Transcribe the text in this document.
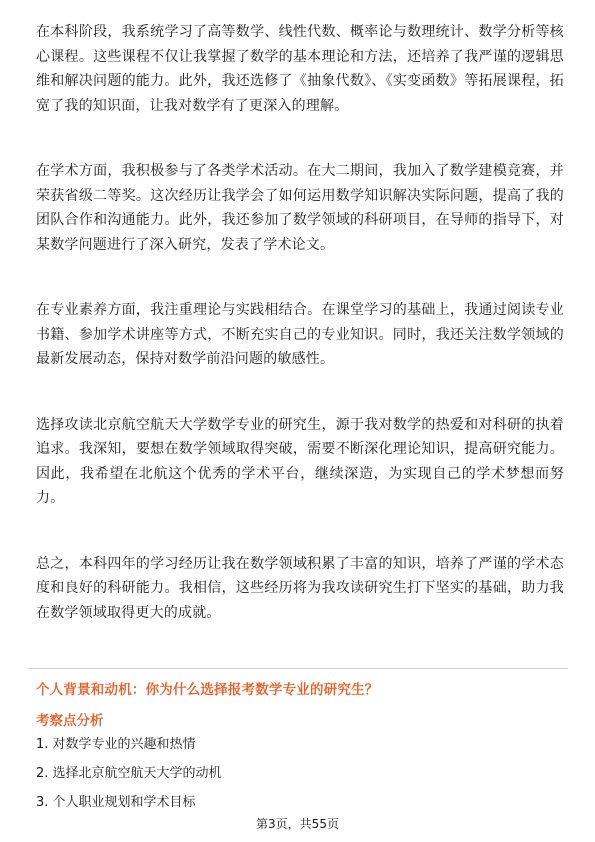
在本科阶段，我系统学习了高等数学、线性代数、概率论与数理统计、数学分析等核心课程。这些课程不仅让我掌握了数学的基本理论和方法，还培养了我严谨的逻辑思维和解决问题的能力。此外，我还选修了《抽象代数》、《实变函数》等拓展课程，拓宽了我的知识面，让我对数学有了更深入的理解。

在学术方面，我积极参与了各类学术活动。在大二期间，我加入了数学建模竞赛，并荣获省级二等奖。这次经历让我学会了如何运用数学知识解决实际问题，提高了我的团队合作和沟通能力。此外，我还参加了数学领域的科研项目，在导师的指导下，对某数学问题进行了深入研究，发表了学术论文。

在专业素养方面，我注重理论与实践相结合。在课堂学习的基础上，我通过阅读专业书籍、参加学术讲座等方式，不断充实自己的专业知识。同时，我还关注数学领域的最新发展动态，保持对数学前沿问题的敏感性。

选择攻读北京航空航天大学数学专业的研究生，源于我对数学的热爱和对科研的执着追求。我深知，要想在数学领域取得突破，需要不断深化理论知识，提高研究能力。因此，我希望在北航这个优秀的学术平台，继续深造，为实现自己的学术梦想而努力。

总之，本科四年的学习经历让我在数学领域积累了丰富的知识，培养了严谨的学术态度和良好的科研能力。我相信，这些经历将为我攻读研究生打下坚实的基础，助力我在数学领域取得更大的成就。

个人背景和动机：你为什么选择报考数学专业的研究生？
考察点分析
1. 对数学专业的兴趣和热情
2. 选择北京航空航天大学的动机
3. 个人职业规划和学术目标
第3页，共55页
